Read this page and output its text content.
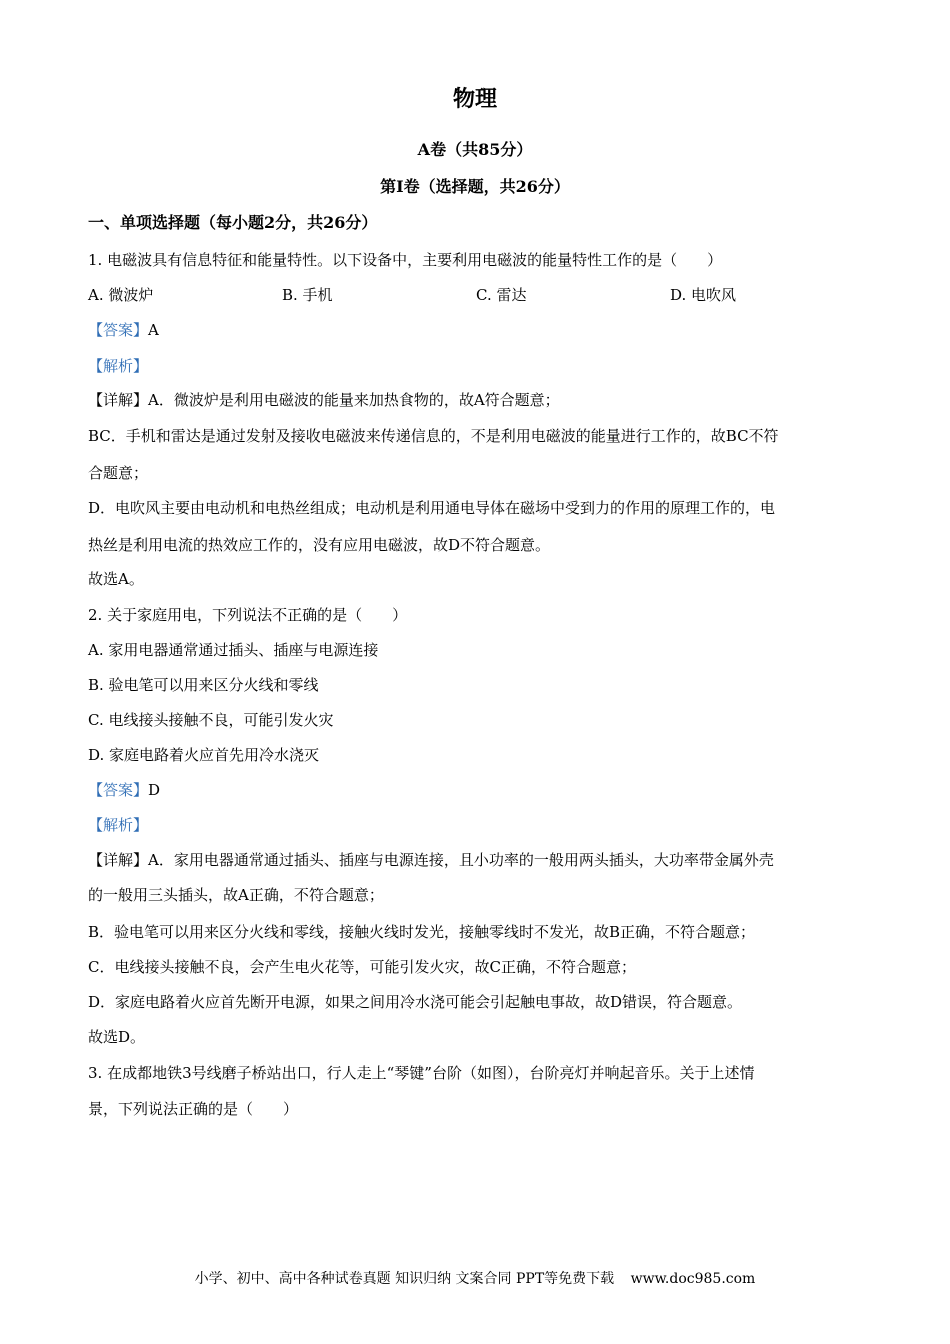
物理
A卷（共85分）
第I卷（选择题，共26分）
一、单项选择题（每小题2分，共26分）
1. 电磁波具有信息特征和能量特性。以下设备中，主要利用电磁波的能量特性工作的是（　　）
A. 微波炉	B. 手机	C. 雷达	D. 电吹风
【答案】A
【解析】
【详解】A．微波炉是利用电磁波的能量来加热食物的，故A符合题意；
BC．手机和雷达是通过发射及接收电磁波来传递信息的，不是利用电磁波的能量进行工作的，故BC不符
合题意；
D．电吹风主要由电动机和电热丝组成；电动机是利用通电导体在磁场中受到力的作用的原理工作的，电
热丝是利用电流的热效应工作的，没有应用电磁波，故D不符合题意。
故选A。
2. 关于家庭用电，下列说法不正确的是（　　）
A. 家用电器通常通过插头、插座与电源连接
B. 验电笔可以用来区分火线和零线
C. 电线接头接触不良，可能引发火灾
D. 家庭电路着火应首先用冷水浇灭
【答案】D
【解析】
【详解】A．家用电器通常通过插头、插座与电源连接，且小功率的一般用两头插头，大功率带金属外壳
的一般用三头插头，故A正确，不符合题意；
B．验电笔可以用来区分火线和零线，接触火线时发光，接触零线时不发光，故B正确，不符合题意；
C．电线接头接触不良，会产生电火花等，可能引发火灾，故C正确，不符合题意；
D．家庭电路着火应首先断开电源，如果之间用冷水浇可能会引起触电事故，故D错误，符合题意。
故选D。
3. 在成都地铁3号线磨子桥站出口，行人走上“琴键”台阶（如图），台阶亮灯并响起音乐。关于上述情
景，下列说法正确的是（　　）
小学、初中、高中各种试卷真题 知识归纳 文案合同 PPT等免费下载 www.doc985.com
